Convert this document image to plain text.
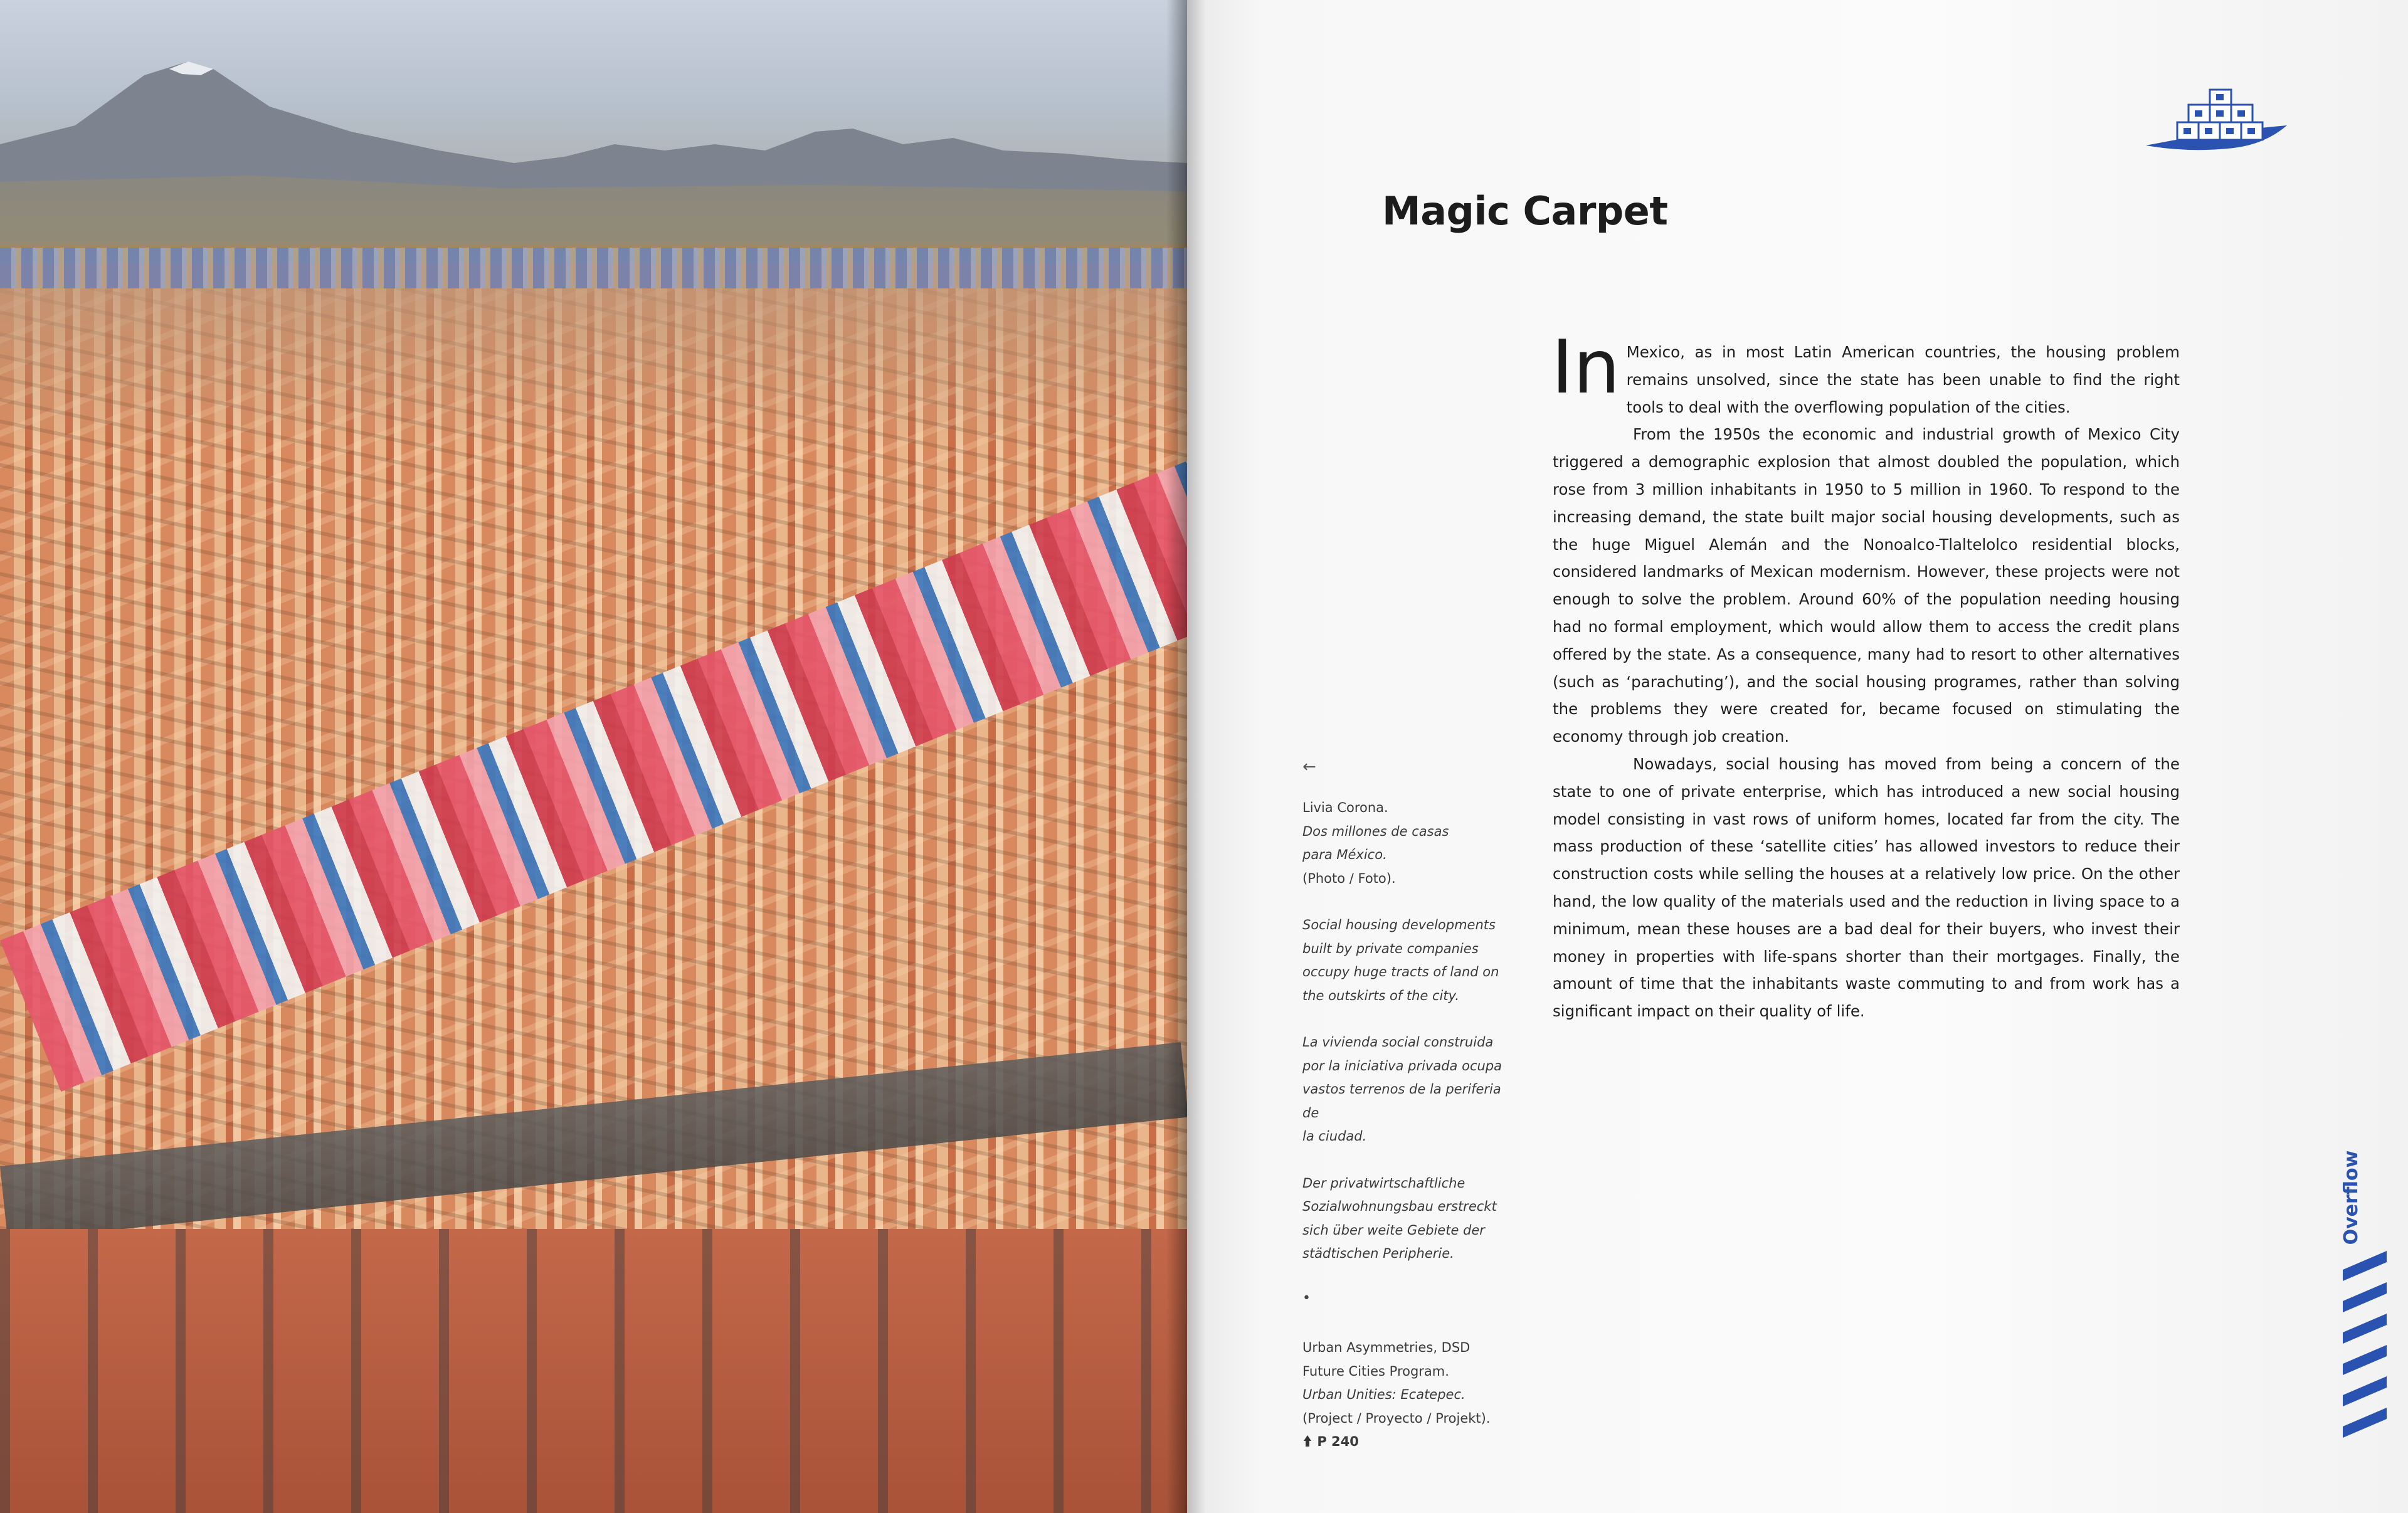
Magic Carpet

In Mexico, as in most Latin American countries, the housing problem remains unsolved, since the state has been unable to find the right tools to deal with the overflowing population of the cities.

From the 1950s the economic and industrial growth of Mexico City triggered a demographic explosion that almost doubled the population, which rose from 3 million inhabitants in 1950 to 5 million in 1960. To respond to the increasing demand, the state built major social housing developments, such as the huge Miguel Alemán and the Nonoalco-Tlaltelolco residential blocks, considered landmarks of Mexican modernism. However, these projects were not enough to solve the problem. Around 60% of the population needing housing had no formal employment, which would allow them to access the credit plans offered by the state. As a consequence, many had to resort to other alternatives (such as ‘parachuting’), and the social housing programes, rather than solving the problems they were created for, became focused on stimulating the economy through job creation.

Nowadays, social housing has moved from being a concern of the state to one of private enterprise, which has introduced a new social housing model consisting in vast rows of uniform homes, located far from the city. The mass production of these ‘satellite cities’ has allowed investors to reduce their construction costs while selling the houses at a relatively low price. On the other hand, the low quality of the materials used and the reduction in living space to a minimum, mean these houses are a bad deal for their buyers, who invest their money in properties with life-spans shorter than their mortgages. Finally, the amount of time that the inhabitants waste commuting to and from work has a significant impact on their quality of life.

←
Livia Corona.
Dos millones de casas
para México.
(Photo / Foto).
Social housing developments
built by private companies
occupy huge tracts of land on
the outskirts of the city.
La vivienda social construida
por la iniciativa privada ocupa
vastos terrenos de la periferia de
la ciudad.
Der privatwirtschaftliche
Sozialwohnungsbau erstreckt
sich über weite Gebiete der
städtischen Peripherie.
•
Urban Asymmetries, DSD
Future Cities Program.
Urban Unities: Ecatepec.
(Project / Proyecto / Projekt).
P 240
Overflow
